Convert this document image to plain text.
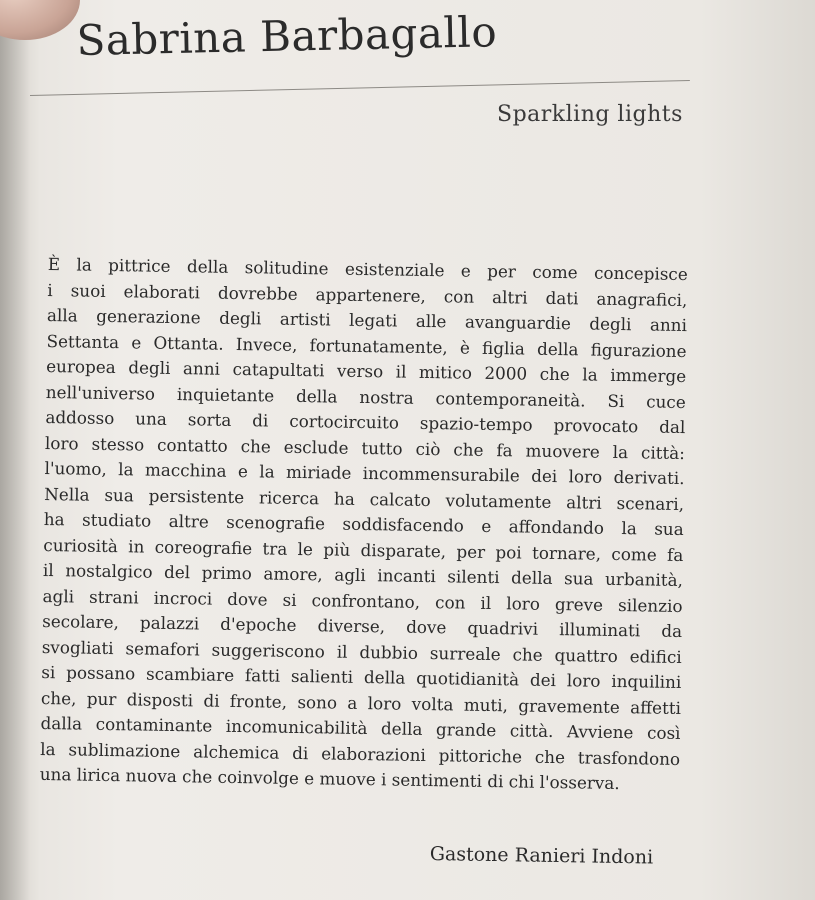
Sabrina Barbagallo
Sparkling lights
È la pittrice della solitudine esistenziale e per come concepisce
i suoi elaborati dovrebbe appartenere, con altri dati anagrafici,
alla generazione degli artisti legati alle avanguardie degli anni
Settanta e Ottanta. Invece, fortunatamente, è figlia della figurazione
europea degli anni catapultati verso il mitico 2000 che la immerge
nell'universo inquietante della nostra contemporaneità. Si cuce
addosso una sorta di cortocircuito spazio-tempo provocato dal
loro stesso contatto che esclude tutto ciò che fa muovere la città:
l'uomo, la macchina e la miriade incommensurabile dei loro derivati.
Nella sua persistente ricerca ha calcato volutamente altri scenari,
ha studiato altre scenografie soddisfacendo e affondando la sua
curiosità in coreografie tra le più disparate, per poi tornare, come fa
il nostalgico del primo amore, agli incanti silenti della sua urbanità,
agli strani incroci dove si confrontano, con il loro greve silenzio
secolare, palazzi d'epoche diverse, dove quadrivi illuminati da
svogliati semafori suggeriscono il dubbio surreale che quattro edifici
si possano scambiare fatti salienti della quotidianità dei loro inquilini
che, pur disposti di fronte, sono a loro volta muti, gravemente affetti
dalla contaminante incomunicabilità della grande città. Avviene così
la sublimazione alchemica di elaborazioni pittoriche che trasfondono
una lirica nuova che coinvolge e muove i sentimenti di chi l'osserva.
Gastone Ranieri Indoni
